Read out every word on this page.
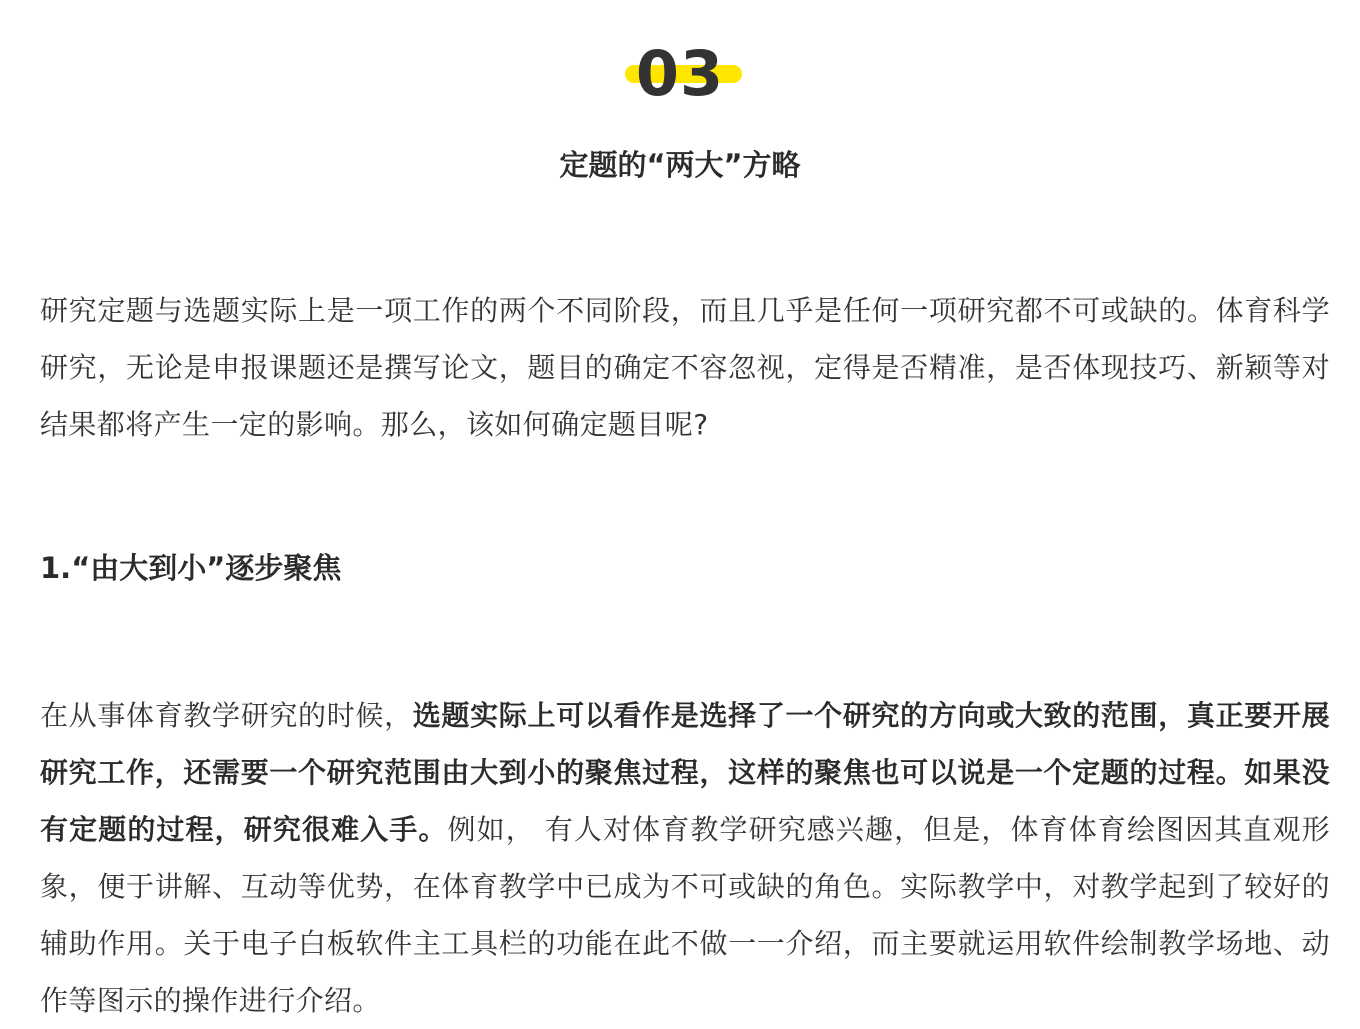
03
定题的“两大”方略

研究定题与选题实际上是一项工作的两个不同阶段，而且几乎是任何一项研究都不可或缺的。体育科学研究，无论是申报课题还是撰写论文，题目的确定不容忽视，定得是否精准，是否体现技巧、新颖等对结果都将产生一定的影响。那么，该如何确定题目呢?

1.“由大到小”逐步聚焦

在从事体育教学研究的时候，选题实际上可以看作是选择了一个研究的方向或大致的范围，真正要开展研究工作，还需要一个研究范围由大到小的聚焦过程，这样的聚焦也可以说是一个定题的过程。如果没有定题的过程，研究很难入手。例如， 有人对体育教学研究感兴趣，但是，体育体育绘图因其直观形象，便于讲解、互动等优势，在体育教学中已成为不可或缺的角色。实际教学中，对教学起到了较好的辅助作用。关于电子白板软件主工具栏的功能在此不做一一介绍，而主要就运用软件绘制教学场地、动作等图示的操作进行介绍。
